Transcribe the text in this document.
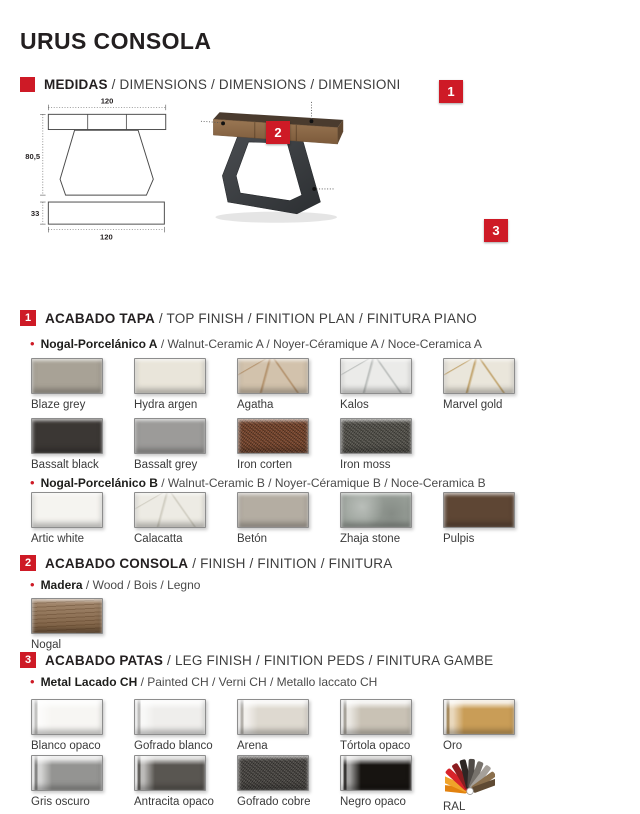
URUS CONSOLA
MEDIDAS / DIMENSIONS / DIMENSIONS / DIMENSIONI
120
80,5
33
120
1
2
3
1	ACABADO TAPA / TOP FINISH / FINITION PLAN / FINITURA PIANO
• Nogal-Porcelánico A / Walnut-Ceramic A / Noyer-Céramique A / Noce-Ceramica A
Blaze grey	Hydra argen	Agatha	Kalos	Marvel gold
Bassalt black	Bassalt grey	Iron corten	Iron moss
• Nogal-Porcelánico B / Walnut-Ceramic B / Noyer-Céramique B / Noce-Ceramica B
Artic white	Calacatta	Betón	Zhaja stone	Pulpis
2	ACABADO CONSOLA / FINISH / FINITION / FINITURA
• Madera / Wood / Bois / Legno
Nogal
3	ACABADO PATAS / LEG FINISH / FINITION PEDS / FINITURA GAMBE
• Metal Lacado CH / Painted CH / Verni CH / Metallo laccato CH
Blanco opaco	Gofrado blanco	Arena	Tórtola opaco	Oro
Gris oscuro	Antracita opaco	Gofrado cobre	Negro opaco	RAL
